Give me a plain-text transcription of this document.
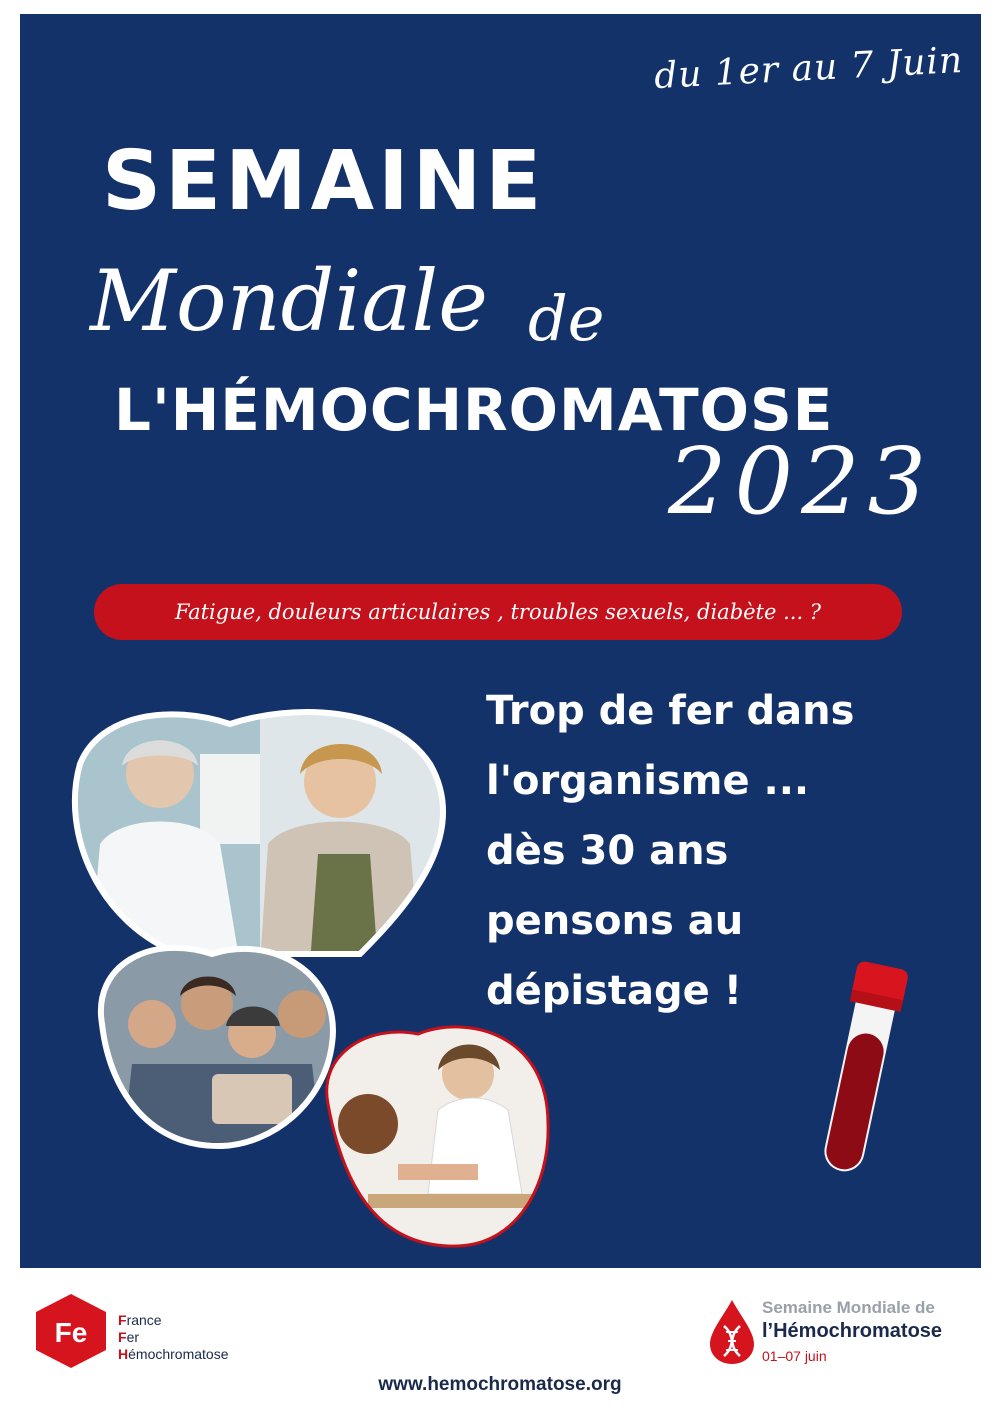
du 1er au 7 Juin
SEMAINE
Mondiale de
L'HÉMOCHROMATOSE
2023
Fatigue, douleurs articulaires , troubles sexuels, diabète ... ?
Trop de fer dans
l'organisme ...
dès 30 ans
pensons au
dépistage !
Fe France
Fer
Hémochromatose
www.hemochromatose.org
Semaine Mondiale de
l’Hémochromatose
01–07 juin
